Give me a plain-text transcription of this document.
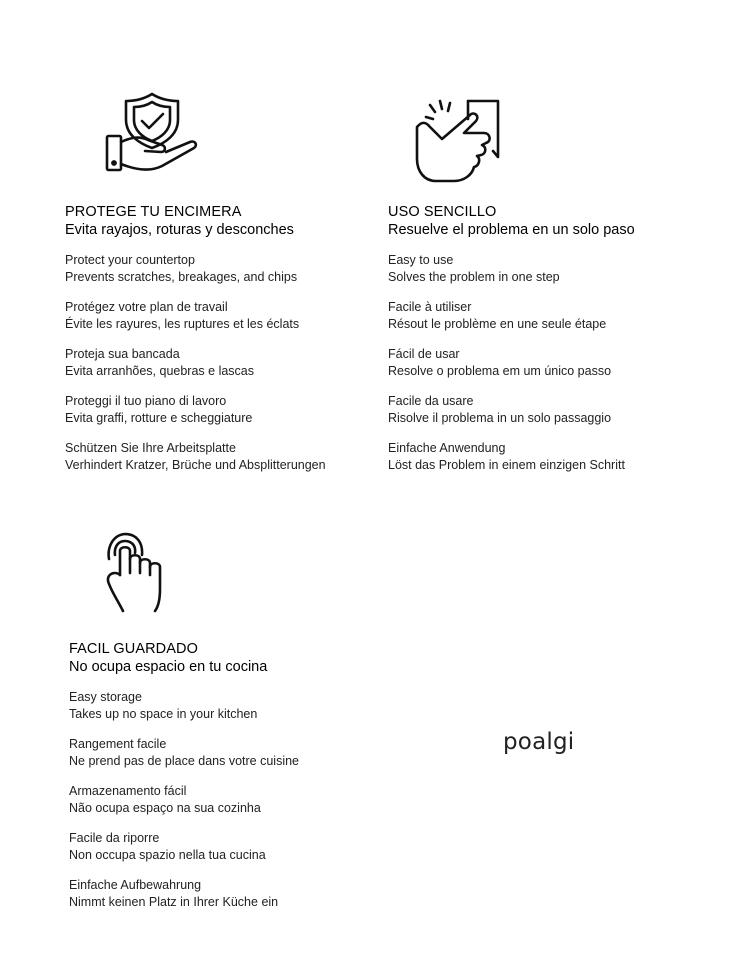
PROTEGE TU ENCIMERA
Evita rayajos, roturas y desconches
Protect your countertop
Prevents scratches, breakages, and chips
Protégez votre plan de travail
Évite les rayures, les ruptures et les éclats
Proteja sua bancada
Evita arranhões, quebras e lascas
Proteggi il tuo piano di lavoro
Evita graffi, rotture e scheggiature
Schützen Sie Ihre Arbeitsplatte
Verhindert Kratzer, Brüche und Absplitterungen
USO SENCILLO
Resuelve el problema en un solo paso
Easy to use
Solves the problem in one step
Facile à utiliser
Résout le problème en une seule étape
Fácil de usar
Resolve o problema em um único passo
Facile da usare
Risolve il problema in un solo passaggio
Einfache Anwendung
Löst das Problem in einem einzigen Schritt
FACIL GUARDADO
No ocupa espacio en tu cocina
Easy storage
Takes up no space in your kitchen
Rangement facile
Ne prend pas de place dans votre cuisine
Armazenamento fácil
Não ocupa espaço na sua cozinha
Facile da riporre
Non occupa spazio nella tua cucina
Einfache Aufbewahrung
Nimmt keinen Platz in Ihrer Küche ein
poalgi
